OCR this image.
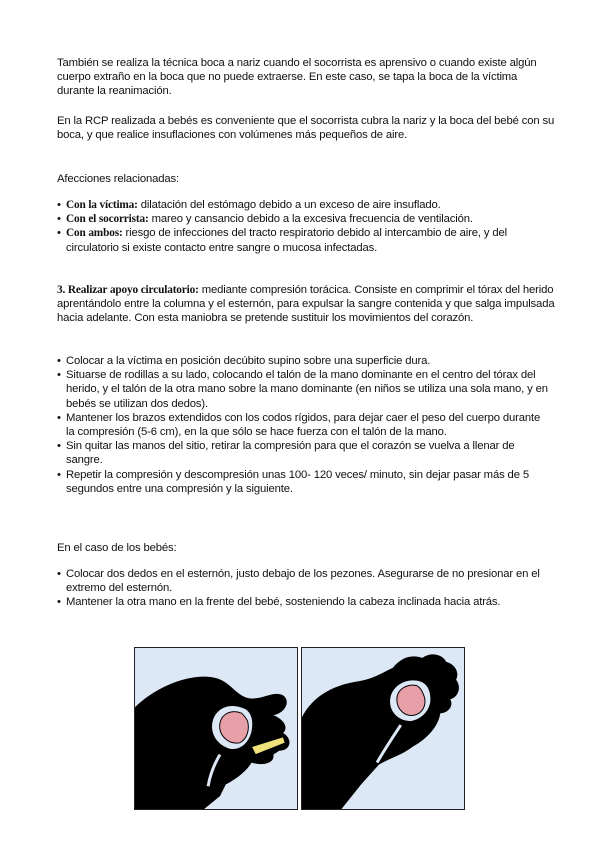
También se realiza la técnica boca a nariz cuando el socorrista es aprensivo o cuando existe algún cuerpo extraño en la boca que no puede extraerse. En este caso, se tapa la boca de la víctima durante la reanimación.

En la RCP realizada a bebés es conveniente que el socorrista cubra la nariz y la boca del bebé con su boca, y que realice insuflaciones con volúmenes más pequeños de aire.

Afecciones relacionadas:

• Con la víctima: dilatación del estómago debido a un exceso de aire insuflado.
• Con el socorrista: mareo y cansancio debido a la excesiva frecuencia de ventilación.
• Con ambos: riesgo de infecciones del tracto respiratorio debido al intercambio de aire, y del circulatorio si existe contacto entre sangre o mucosa infectadas.

3. Realizar apoyo circulatorio: mediante compresión torácica. Consiste en comprimir el tórax del herido aprentándolo entre la columna y el esternón, para expulsar la sangre contenida y que salga impulsada hacia adelante. Con esta maniobra se pretende sustituir los movimientos del corazón.

• Colocar a la víctima en posición decúbito supino sobre una superficie dura.
• Situarse de rodillas a su lado, colocando el talón de la mano dominante en el centro del tórax del herido, y el talón de la otra mano sobre la mano dominante (en niños se utiliza una sola mano, y en bebés se utilizan dos dedos).
• Mantener los brazos extendidos con los codos rígidos, para dejar caer el peso del cuerpo durante la compresión (5-6 cm), en la que sólo se hace fuerza con el talón de la mano.
• Sin quitar las manos del sitio, retirar la compresión para que el corazón se vuelva a llenar de sangre.
• Repetir la compresión y descompresión unas 100- 120 veces/ minuto, sin dejar pasar más de 5 segundos entre una compresión y la siguiente.

En el caso de los bebés:

• Colocar dos dedos en el esternón, justo debajo de los pezones. Asegurarse de no presionar en el extremo del esternón.
• Mantener la otra mano en la frente del bebé, sosteniendo la cabeza inclinada hacia atrás.
